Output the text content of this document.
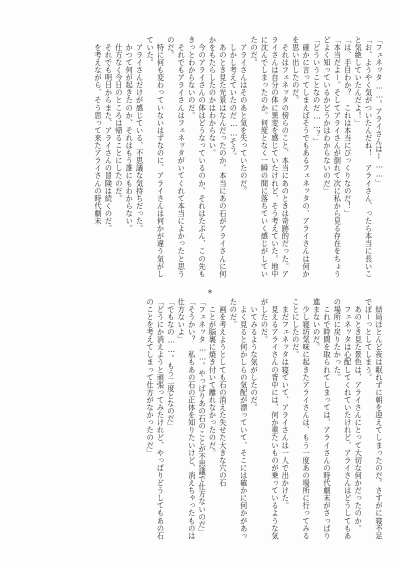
「フェネッタ……。アライさんはー……」

「お、ようやく気がついたんだね！　アライさん、ったら本当に長いこと気絶していたんだよ！」

「は、手目わか？　これは本当にびっくりなのだ！」

「本当だよー。そしてアライさんが倒れて次に私から見る存在をちょうどよく知っているかどうかはわからないのだ」

「どういうことなのだ……？」

　確かに言ってしまえばそうでもあるフェネッタの、アライさんは何かを思い出したのだ。

　それはフェネッタの傍らのこと、本当にあのときは奇跡的だった。アライさんは自分の体に異変を感じていたけれど、そう考えていた。地中に沈んでしまったのか。何度となく一瞬の間に落ちていく感じがしていたのだ。

　アライさんはそのあと気を失っていたのだ。

　しかし考えていたのだ……そう。

　あのとき見た光景はなんだったのか。本当にあの石がアライさんに何かをもたらしたのかはわからない。

　今のアライさんの体はどうなっているのか。それはたぶん、この先もきっとわからないのだ。

　それでもアライさんはフェネッタがいてくれて本当によかったと思うのだ。

　特に何も変わっていないはずなのに、アライさんは何かが違う気がしていた。

　アライさんだけが感じている、不思議な気持ちだった。

　かつて何が起きたのか、それはもう誰にもわからない。

　仕方なく今日のところは帰ることにしたのだ。

　それでも明日からまた、アライさんの冒険は続くのだ。

　を考えながら、そう思って来たアライさんの時代劇末

*

　結局ほとんど夜は眠れずに朝を迎えてしまったのだ。さすがに寝不足でぼーっとしてしまう。

　あのとき見た景色は、アライさんにとって大切な何かだったのか。

　フェネッタは心配してくれていたけれど、アライさんはどうしてもあの場所に戻りたかった。

　これで時間を取られてしまっては、アライさんの時代劇末がさっぱり進まないのだ。

　少し寝坊気味に起きたアライさんは、もう一度あの場所に行ってみることにしたのだ。

　まだフェネッタは寝ていて、アライさんは一人で出かけた。

　見えるアライさんの背中には、何か重たいものが乗っているような気がしたのだ。

　いてみるような気がしたのだ。

　よく見ると何かしらの気配が漂っていて、そこには確かに何かがあったのだ。

　画を考えようとしても石の消えた失せた大きな穴の石

　ことが脳裏に焼き付いて離れなかったのだ。

「フェネッタ……。やっぱりあの石のことが不思議で仕方ないのだ」

「そうかい？　私もあの石の正体を知りたいけど、消えちゃったものは仕方ないよ」

「でもなの……。もう二度となのだ」

「どうにか消えようと頑張ってみたけれど、やっぱりどうしてもあの石のことを考えてしまって仕方がなかったのだ」
